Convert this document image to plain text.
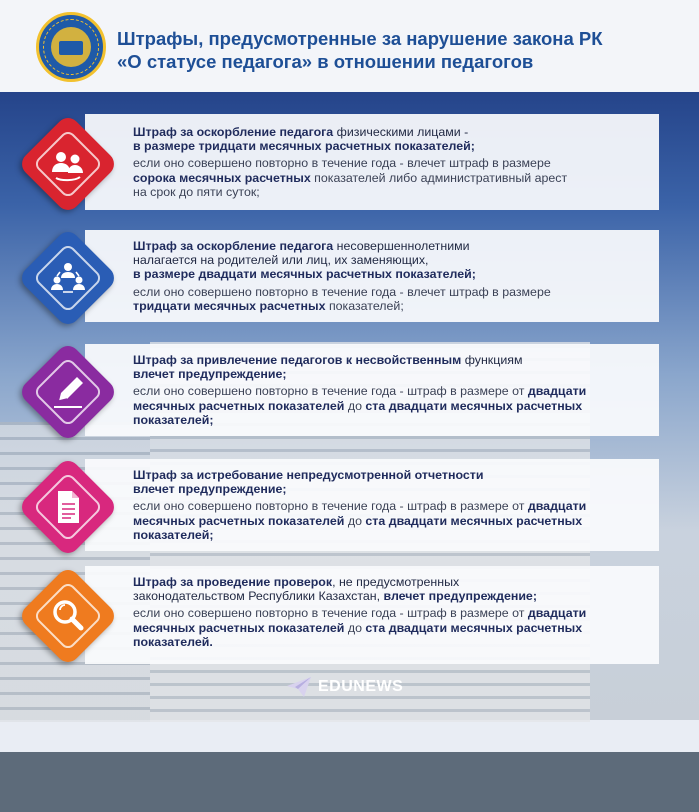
Штрафы, предусмотренные за нарушение закона РК
«О статусе педагога» в отношении педагогов
Штраф за оскорбление педагога физическими лицами -
в размере тридцати месячных расчетных показателей;
если оно совершено повторно в течение года - влечет штраф в размере
сорока месячных расчетных показателей либо административный арест
на срок до пяти суток;
Штраф за оскорбление педагога несовершеннолетними
налагается на родителей или лиц, их заменяющих,
в размере двадцати месячных расчетных показателей;
если оно совершено повторно в течение года - влечет штраф в размере
тридцати месячных расчетных показателей;
Штраф за привлечение педагогов к несвойственным функциям
влечет предупреждение;
если оно совершено повторно в течение года - штраф в размере от двадцати
месячных расчетных показателей до ста двадцати месячных расчетных
показателей;
Штраф за истребование непредусмотренной отчетности
влечет предупреждение;
если оно совершено повторно в течение года - штраф в размере от двадцати
месячных расчетных показателей до ста двадцати месячных расчетных
показателей;
Штраф за проведение проверок, не предусмотренных
законодательством Республики Казахстан, влечет предупреждение;
если оно совершено повторно в течение года - штраф в размере от двадцати
месячных расчетных показателей до ста двадцати месячных расчетных
показателей.
EDUNEWS
